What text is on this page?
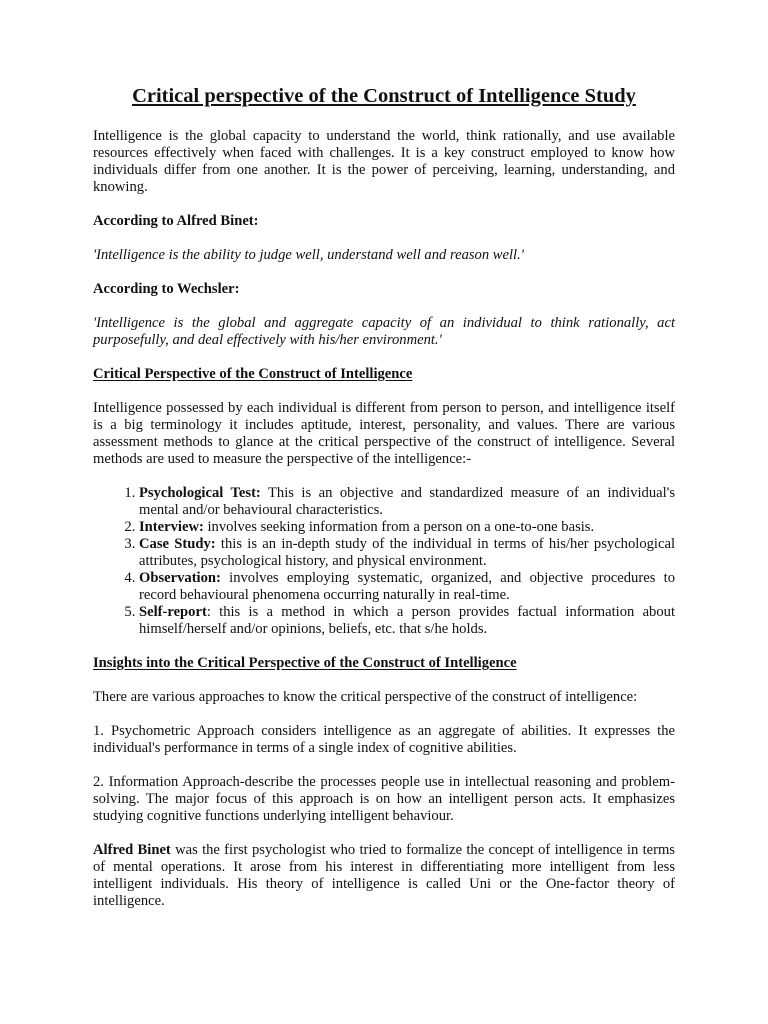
Critical perspective of the Construct of Intelligence Study

Intelligence is the global capacity to understand the world, think rationally, and use available resources effectively when faced with challenges. It is a key construct employed to know how individuals differ from one another. It is the power of perceiving, learning, understanding, and knowing.

According to Alfred Binet:

'Intelligence is the ability to judge well, understand well and reason well.'

According to Wechsler:

'Intelligence is the global and aggregate capacity of an individual to think rationally, act purposefully, and deal effectively with his/her environment.'

Critical Perspective of the Construct of Intelligence

Intelligence possessed by each individual is different from person to person, and intelligence itself is a big terminology it includes aptitude, interest, personality, and values. There are various assessment methods to glance at the critical perspective of the construct of intelligence. Several methods are used to measure the perspective of the intelligence:-

1. Psychological Test: This is an objective and standardized measure of an individual's mental and/or behavioural characteristics.
2. Interview: involves seeking information from a person on a one-to-one basis.
3. Case Study: this is an in-depth study of the individual in terms of his/her psychological attributes, psychological history, and physical environment.
4. Observation: involves employing systematic, organized, and objective procedures to record behavioural phenomena occurring naturally in real-time.
5. Self-report: this is a method in which a person provides factual information about himself/herself and/or opinions, beliefs, etc. that s/he holds.

Insights into the Critical Perspective of the Construct of Intelligence

There are various approaches to know the critical perspective of the construct of intelligence:

1. Psychometric Approach considers intelligence as an aggregate of abilities. It expresses the individual's performance in terms of a single index of cognitive abilities.

2. Information Approach-describe the processes people use in intellectual reasoning and problem-solving. The major focus of this approach is on how an intelligent person acts. It emphasizes studying cognitive functions underlying intelligent behaviour.

Alfred Binet was the first psychologist who tried to formalize the concept of intelligence in terms of mental operations. It arose from his interest in differentiating more intelligent from less intelligent individuals. His theory of intelligence is called Uni or the One-factor theory of intelligence.
